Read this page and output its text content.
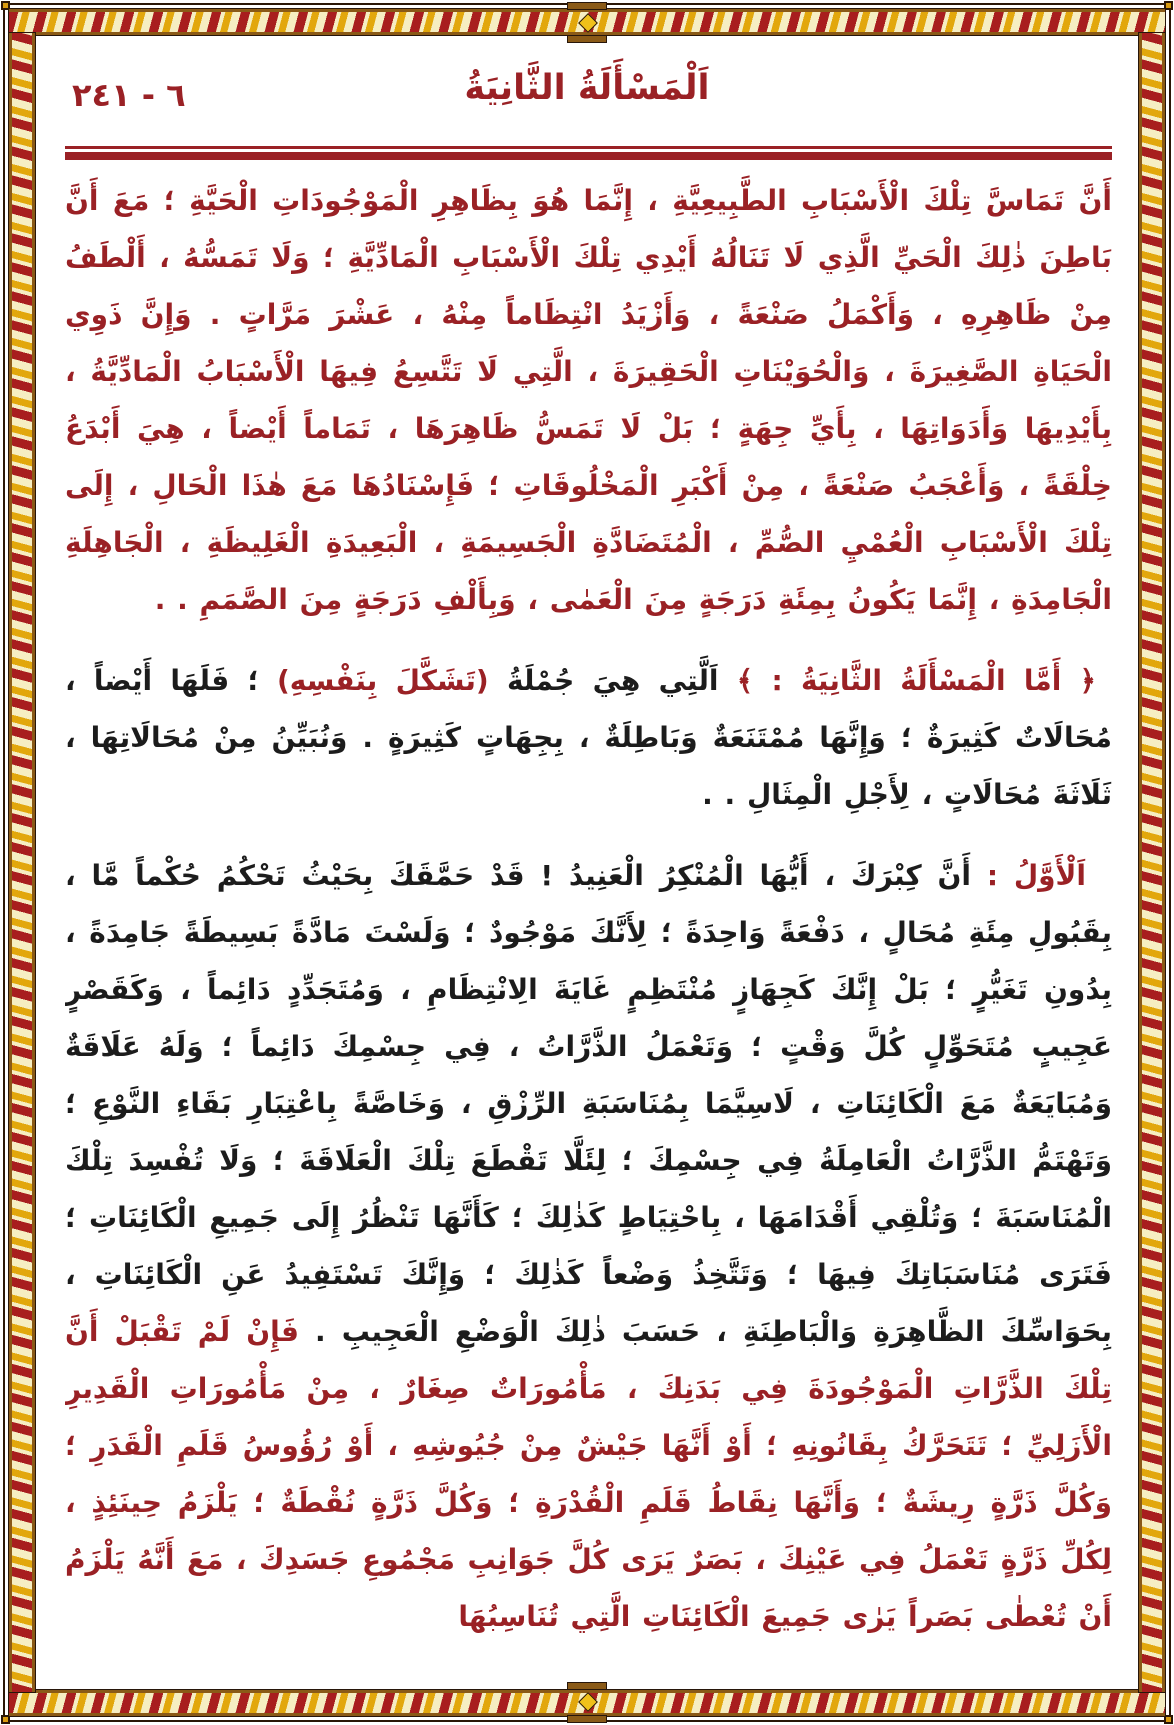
٦ - ٢٤١	اَلْمَسْأَلَةُ الثَّانِيَةُ

أَنَّ تَمَاسَّ تِلْكَ الْأَسْبَابِ الطَّبِيعِيَّةِ ، إِنَّمَا هُوَ بِظَاهِرِ الْمَوْجُودَاتِ الْحَيَّةِ ؛ مَعَ أَنَّ بَاطِنَ ذٰلِكَ الْحَيِّ الَّذِي لَا تَنَالُهُ أَيْدِي تِلْكَ الْأَسْبَابِ الْمَادِّيَّةِ ؛ وَلَا تَمَسُّهُ ، أَلْطَفُ مِنْ ظَاهِرِهِ ، وَأَكْمَلُ صَنْعَةً ، وَأَزْيَدُ انْتِظَاماً مِنْهُ ، عَشْرَ مَرَّاتٍ . وَإِنَّ ذَوِي الْحَيَاةِ الصَّغِيرَةَ ، وَالْحُوَيْنَاتِ الْحَقِيرَةَ ، الَّتِي لَا تَتَّسِعُ فِيهَا الْأَسْبَابُ الْمَادِّيَّةُ ، بِأَيْدِيهَا وَأَدَوَاتِهَا ، بِأَيِّ جِهَةٍ ؛ بَلْ لَا تَمَسُّ ظَاهِرَهَا ، تَمَاماً أَيْضاً ، هِيَ أَبْدَعُ خِلْقَةً ، وَأَعْجَبُ صَنْعَةً ، مِنْ أَكْبَرِ الْمَخْلُوقَاتِ ؛ فَإِسْنَادُهَا مَعَ هٰذَا الْحَالِ ، إِلَى تِلْكَ الْأَسْبَابِ الْعُمْيِ الصُّمِّ ، الْمُتَضَادَّةِ الْجَسِيمَةِ ، الْبَعِيدَةِ الْغَلِيظَةِ ، الْجَاهِلَةِ الْجَامِدَةِ ، إِنَّمَا يَكُونُ بِمِئَةِ دَرَجَةٍ مِنَ الْعَمٰى ، وَبِأَلْفِ دَرَجَةٍ مِنَ الصَّمَمِ . .

﴿ أَمَّا الْمَسْأَلَةُ الثَّانِيَةُ : ﴾ اَلَّتِي هِيَ جُمْلَةُ (تَشَكَّلَ بِنَفْسِهِ) ؛ فَلَهَا أَيْضاً ، مُحَالَاتٌ كَثِيرَةٌ ؛ وَإِنَّهَا مُمْتَنَعَةٌ وَبَاطِلَةٌ ، بِجِهَاتٍ كَثِيرَةٍ . وَنُبَيِّنُ مِنْ مُحَالَاتِهَا ، ثَلَاثَةَ مُحَالَاتٍ ، لِأَجْلِ الْمِثَالِ . .

اَلْأَوَّلُ : أَنَّ كِبْرَكَ ، أَيُّهَا الْمُنْكِرُ الْعَنِيدُ ! قَدْ حَمَّقَكَ بِحَيْثُ تَحْكُمُ حُكْماً مَّا ، بِقَبُولِ مِئَةِ مُحَالٍ ، دَفْعَةً وَاحِدَةً ؛ لِأَنَّكَ مَوْجُودٌ ؛ وَلَسْتَ مَادَّةً بَسِيطَةً جَامِدَةً ، بِدُونِ تَغَيُّرٍ ؛ بَلْ إِنَّكَ كَجِهَازٍ مُنْتَظِمٍ غَايَةَ الِانْتِظَامِ ، وَمُتَجَدِّدٍ دَائِماً ، وَكَقَصْرٍ عَجِيبٍ مُتَحَوِّلٍ كُلَّ وَقْتٍ ؛ وَتَعْمَلُ الذَّرَّاتُ ، فِي جِسْمِكَ دَائِماً ؛ وَلَهُ عَلَاقَةٌ وَمُبَايَعَةٌ مَعَ الْكَائِنَاتِ ، لَاسِيَّمَا بِمُنَاسَبَةِ الرِّزْقِ ، وَخَاصَّةً بِاعْتِبَارِ بَقَاءِ النَّوْعِ ؛ وَتَهْتَمُّ الذَّرَّاتُ الْعَامِلَةُ فِي جِسْمِكَ ؛ لِئَلَّا تَقْطَعَ تِلْكَ الْعَلَاقَةَ ؛ وَلَا تُفْسِدَ تِلْكَ الْمُنَاسَبَةَ ؛ وَتُلْقِي أَقْدَامَهَا ، بِاحْتِيَاطٍ كَذٰلِكَ ؛ كَأَنَّهَا تَنْظُرُ إِلَى جَمِيعِ الْكَائِنَاتِ ؛ فَتَرَى مُنَاسَبَاتِكَ فِيهَا ؛ وَتَتَّخِذُ وَضْعاً كَذٰلِكَ ؛ وَإِنَّكَ تَسْتَفِيدُ عَنِ الْكَائِنَاتِ ، بِحَوَاسِّكَ الظَّاهِرَةِ وَالْبَاطِنَةِ ، حَسَبَ ذٰلِكَ الْوَضْعِ الْعَجِيبِ . فَإِنْ لَمْ تَقْبَلْ أَنَّ تِلْكَ الذَّرَّاتِ الْمَوْجُودَةَ فِي بَدَنِكَ ، مَأْمُورَاتٌ صِغَارٌ ، مِنْ مَأْمُورَاتِ الْقَدِيرِ الْأَزَلِيِّ ؛ تَتَحَرَّكُ بِقَانُونِهِ ؛ أَوْ أَنَّهَا جَيْشٌ مِنْ جُيُوشِهِ ، أَوْ رُؤُوسُ قَلَمِ الْقَدَرِ ؛ وَكُلَّ ذَرَّةٍ رِيشَةٌ ؛ وَأَنَّهَا نِقَاطُ قَلَمِ الْقُدْرَةِ ؛ وَكُلَّ ذَرَّةٍ نُقْطَةٌ ؛ يَلْزَمُ حِينَئِذٍ ، لِكُلِّ ذَرَّةٍ تَعْمَلُ فِي عَيْنِكَ ، بَصَرٌ يَرَى كُلَّ جَوَانِبِ مَجْمُوعِ جَسَدِكَ ، مَعَ أَنَّهُ يَلْزَمُ أَنْ تُعْطٰى بَصَراً يَرٰى جَمِيعَ الْكَائِنَاتِ الَّتِي تُنَاسِبُهَا
